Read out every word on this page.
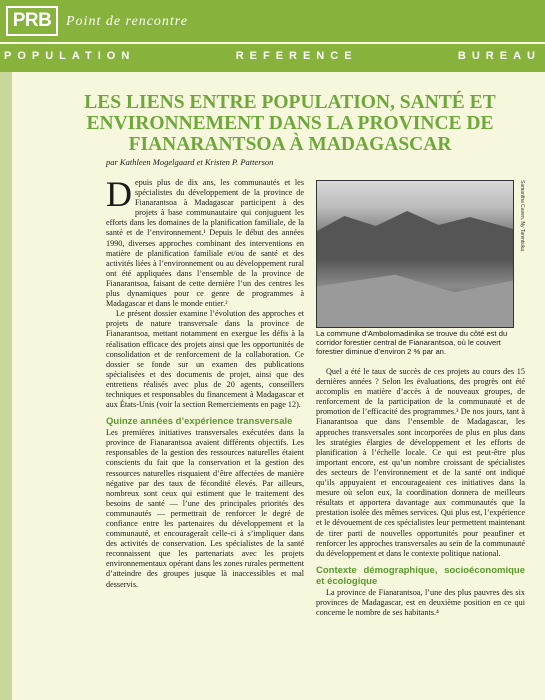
PRB	Point de rencontre
POPULATION	REFERENCE	BUREAU
LES LIENS ENTRE POPULATION, SANTÉ ET ENVIRONNEMENT DANS LA PROVINCE DE FIANARANTSOA À MADAGASCAR
par Kathleen Mogelgaard et Kristen P. Patterson

Depuis plus de dix ans, les communautés et les spécialistes du développement de la province de Fianarantsoa à Madagascar participent à des projets à base communautaire qui conjuguent les efforts dans les domaines de la planification familiale, de la santé et de l’environnement.¹ Depuis le début des années 1990, diverses approches combinant des interventions en matière de planification familiale et/ou de santé et des activités liées à l’environnement ou au développement rural ont été appliquées dans l’ensemble de la province de Fianarantsoa, faisant de cette dernière l’un des centres les plus dynamiques pour ce genre de programmes à Madagascar et dans le monde entier.²

Le présent dossier examine l’évolution des approches et projets de nature transversale dans la province de Fianarantsoa, mettant notamment en exergue les défis à la réalisation efficace des projets ainsi que les opportunités de consolidation et de renforcement de la collaboration. Ce dossier se fonde sur un examen des publications spécialisées et des documents de projet, ainsi que des entretiens réalisés avec plus de 20 agents, conseillers techniques et responsables du financement à Madagascar et aux États-Unis (voir la section Remerciements en page 12).

Quinze années d’expérience transversale

Les premières initiatives transversales exécutées dans la province de Fianarantsoa avaient différents objectifs. Les responsables de la gestion des ressources naturelles étaient conscients du fait que la conservation et la gestion des ressources naturelles risquaient d’être affectées de manière négative par des taux de fécondité élevés. Par ailleurs, nombreux sont ceux qui estiment que le traitement des besoins de santé — l’une des principales priorités des communautés — permettrait de renforcer le degré de confiance entre les partenaires du développement et la communauté, et encourageraît celle-ci à s’impliquer dans des activités de conservation. Les spécialistes de la santé reconnaissent que les partenariats avec les projets environnementaux opérant dans les zones rurales permettent d’atteindre des groupes jusque là inaccessibles et mal desservis.

Samantha Caven, Ny Tanintsika
La commune d’Ambolomadinika se trouve du côté est du corridor forestier central de Fianarantsoa, où le couvert forestier diminue d’environ 2 % par an.

Quel a été le taux de succès de ces projets au cours des 15 dernières années ? Selon les évaluations, des progrès ont été accomplis en matière d’accès à de nouveaux groupes, de renforcement de la participation de la communauté et de promotion de l’efficacité des programmes.³ De nos jours, tant à Fianarantsoa que dans l’ensemble de Madagascar, les approches transversales sont incorporées de plus en plus dans les stratégies élargies de développement et les efforts de planification à l’échelle locale. Ce qui est peut-être plus important encore, est qu’un nombre croissant de spécialistes des secteurs de l’environnement et de la santé ont indiqué qu’ils appuyaient et encourageaient ces initiatives dans la mesure où selon eux, la coordination donnera de meilleurs résultats et apportera davantage aux communautés que la prestation isolée des mêmes services. Qui plus est, l’expérience et le dévouement de ces spécialistes leur permettent maintenant de tirer parti de nouvelles opportunités pour peaufiner et renforcer les approches transversales au sein de la communauté du développement et dans le contexte politique national.

Contexte démographique, socioéconomique et écologique

La province de Fianarantsoa, l’une des plus pauvres des six provinces de Madagascar, est en deuxième position en ce qui concerne le nombre de ses habitants.⁴
